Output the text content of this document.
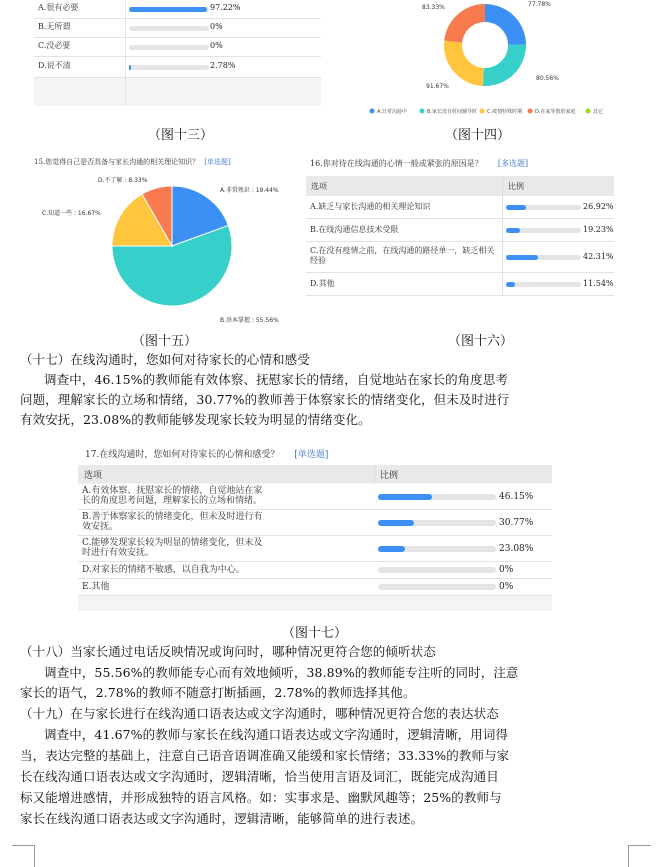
A.很有必要	97.22%
B.无所谓	0%
C.没必要	0%
D.说不清	2.78%
83.33%	77.78%
91.67%
80.56%
A.日常沟通中	B.家长没有时间辅导时 C.疫情特殊时期	D.在家等教的家庭	其它
（图十三）	（图十四）
15.您觉得自己是否具备与家长沟通的相关理论知识？ [单选题]
A.非常熟识 : 19.44%
B.基本掌握 : 55.56%
C.知道一些 : 16.67%
D.不了解 : 8.33%
16.你对待在线沟通的心情一般或紧张的原因是？ [多选题]
选项	比例
A.缺乏与家长沟通的相关理论知识	26.92%
B.在线沟通信息技术受限	19.23%
C.在没有疫情之前，在线沟通的路径单一，缺乏相关经验	42.31%
D.其他	11.54%
（图十五）	（图十六）
（十七）在线沟通时，您如何对待家长的心情和感受
调查中，46.15%的教师能有效体察、抚慰家长的情绪，自觉地站在家长的角度思考
问题，理解家长的立场和情绪，30.77%的教师善于体察家长的情绪变化，但未及时进行
有效安抚，23.08%的教师能够发现家长较为明显的情绪变化。
17.在线沟通时，您如何对待家长的心情和感受？ [单选题]
选项	比例
A.有效体察、抚慰家长的情绪，自觉地站在家
长的角度思考问题，理解家长的立场和情绪。	46.15%
B.善于体察家长的情绪变化，但未及时进行有
效安抚。	30.77%
C.能够发现家长较为明显的情绪变化，但未及
时进行有效安抚。	23.08%
D.对家长的情绪不敏感，以自我为中心。	0%
E.其他	0%
（图十七）
（十八）当家长通过电话反映情况或询问时，哪种情况更符合您的倾听状态
调查中，55.56%的教师能专心而有效地倾听，38.89%的教师能专注听的同时，注意
家长的语气，2.78%的教师不随意打断插画，2.78%的教师选择其他。
（十九）在与家长进行在线沟通口语表达或文字沟通时，哪种情况更符合您的表达状态
调查中，41.67%的教师与家长在线沟通口语表达或文字沟通时，逻辑清晰，用词得
当，表达完整的基础上，注意自己语音语调准确又能缓和家长情绪；33.33%的教师与家
长在线沟通口语表达或文字沟通时，逻辑清晰，恰当使用言语及词汇，既能完成沟通目
标又能增进感情，并形成独特的语言风格。如：实事求是、幽默风趣等；25%的教师与
家长在线沟通口语表达或文字沟通时，逻辑清晰，能够简单的进行表述。
